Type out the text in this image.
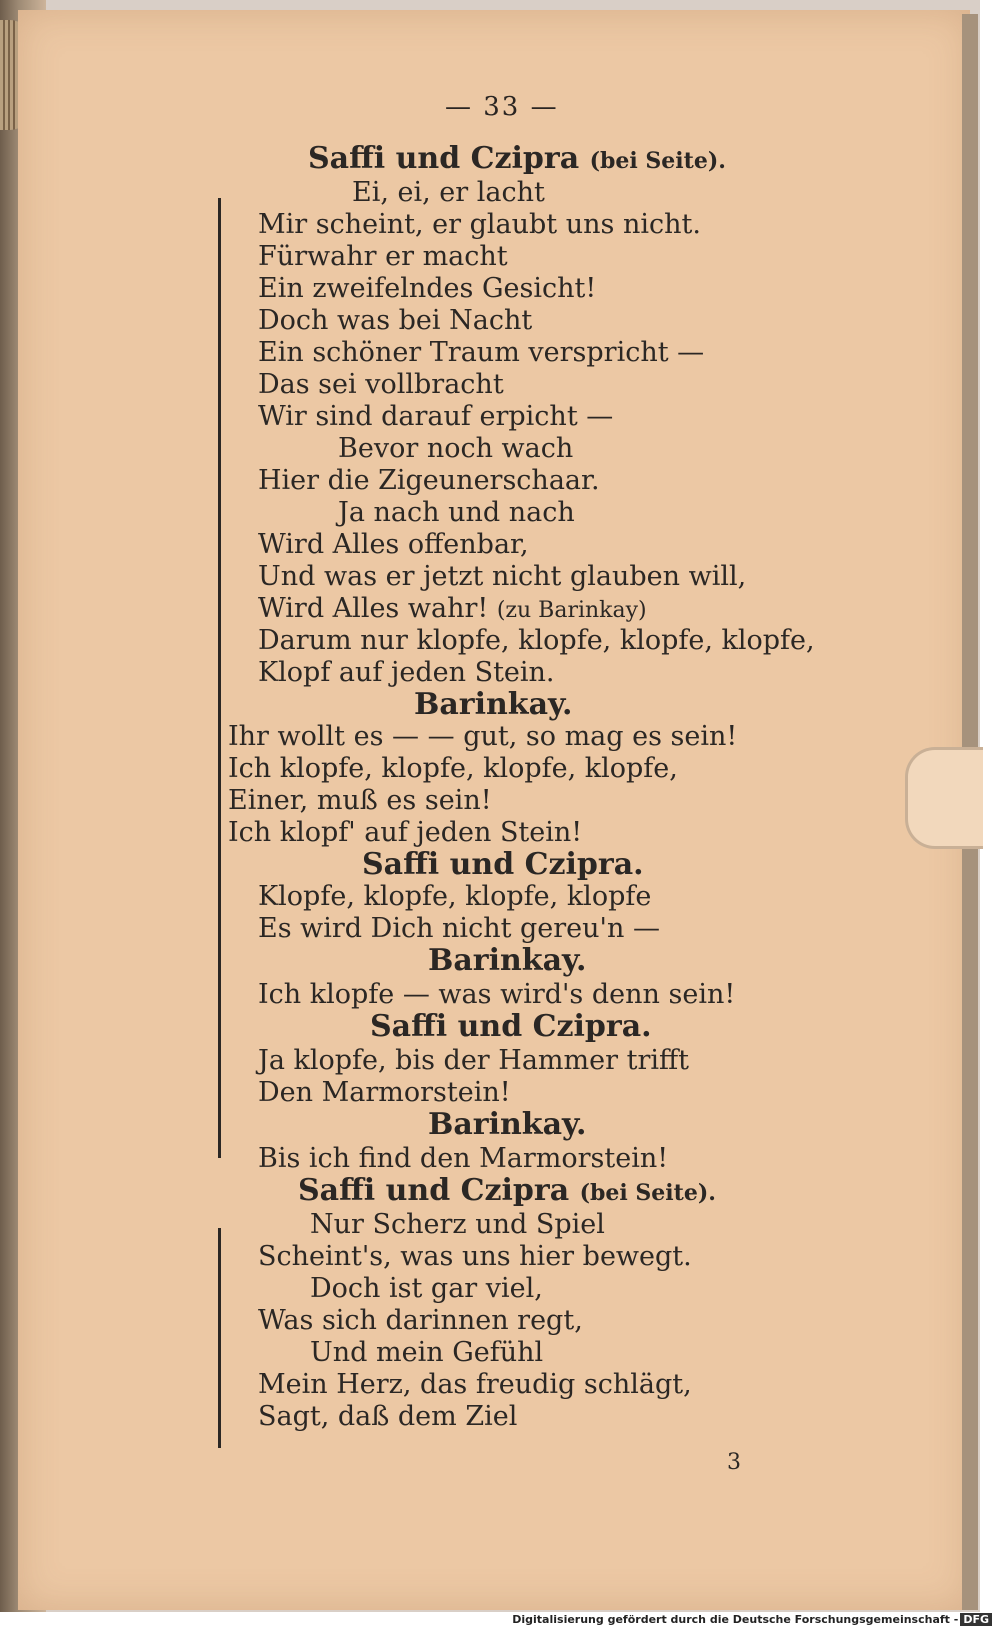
— 33 —
Saffi und Czipra (bei Seite).
Ei, ei, er lacht
Mir scheint, er glaubt uns nicht.
Fürwahr er macht
Ein zweifelndes Gesicht!
Doch was bei Nacht
Ein schöner Traum verspricht —
Das sei vollbracht
Wir sind darauf erpicht —
Bevor noch wach
Hier die Zigeunerschaar.
Ja nach und nach
Wird Alles offenbar,
Und was er jetzt nicht glauben will,
Wird Alles wahr! (zu Barinkay)
Darum nur klopfe, klopfe, klopfe, klopfe,
Klopf auf jeden Stein.
Barinkay.
Ihr wollt es — — gut, so mag es sein!
Ich klopfe, klopfe, klopfe, klopfe,
Einer, muß es sein!
Ich klopf' auf jeden Stein!
Saffi und Czipra.
Klopfe, klopfe, klopfe, klopfe
Es wird Dich nicht gereu'n —
Barinkay.
Ich klopfe — was wird's denn sein!
Saffi und Czipra.
Ja klopfe, bis der Hammer trifft
Den Marmorstein!
Barinkay.
Bis ich find den Marmorstein!
Saffi und Czipra (bei Seite).
Nur Scherz und Spiel
Scheint's, was uns hier bewegt.
Doch ist gar viel,
Was sich darinnen regt,
Und mein Gefühl
Mein Herz, das freudig schlägt,
Sagt, daß dem Ziel
3
Digitalisierung gefördert durch die Deutsche Forschungsgemeinschaft - DFG
